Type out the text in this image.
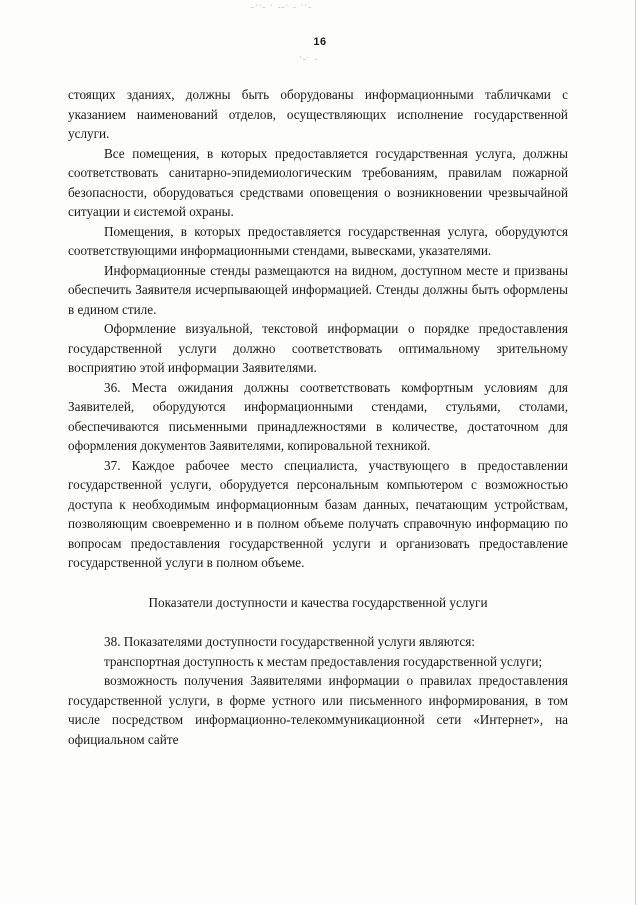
⁻˙˙⁻ ˙ ⁻⁻˙ ⁻ ˙˙⁻
˙⁻˙ ⁻
16

стоящих зданиях, должны быть оборудованы информационными табличками с указанием наименований отделов, осуществляющих исполнение государственной услуги.

Все помещения, в которых предоставляется государственная услуга, должны соответствовать санитарно-эпидемиологическим требованиям, правилам пожарной безопасности, оборудоваться средствами оповещения о возникновении чрезвычайной ситуации и системой охраны.

Помещения, в которых предоставляется государственная услуга, оборудуются соответствующими информационными стендами, вывесками, указателями.

Информационные стенды размещаются на видном, доступном месте и призваны обеспечить Заявителя исчерпывающей информацией. Стенды должны быть оформлены в едином стиле.

Оформление визуальной, текстовой информации о порядке предоставления государственной услуги должно соответствовать оптимальному зрительному восприятию этой информации Заявителями.

36. Места ожидания должны соответствовать комфортным условиям для Заявителей, оборудуются информационными стендами, стульями, столами, обеспечиваются письменными принадлежностями в количестве, достаточном для оформления документов Заявителями, копировальной техникой.

37. Каждое рабочее место специалиста, участвующего в предоставлении государственной услуги, оборудуется персональным компьютером с возможностью доступа к необходимым информационным базам данных, печатающим устройствам, позволяющим своевременно и в полном объеме получать справочную информацию по вопросам предоставления государственной услуги и организовать предоставление государственной услуги в полном объеме.

Показатели доступности и качества государственной услуги

38. Показателями доступности государственной услуги являются:

транспортная доступность к местам предоставления государственной услуги;

возможность получения Заявителями информации о правилах предоставления государственной услуги, в форме устного или письменного информирования, в том числе посредством информационно-телекоммуникационной сети «Интернет», на официальном сайте
